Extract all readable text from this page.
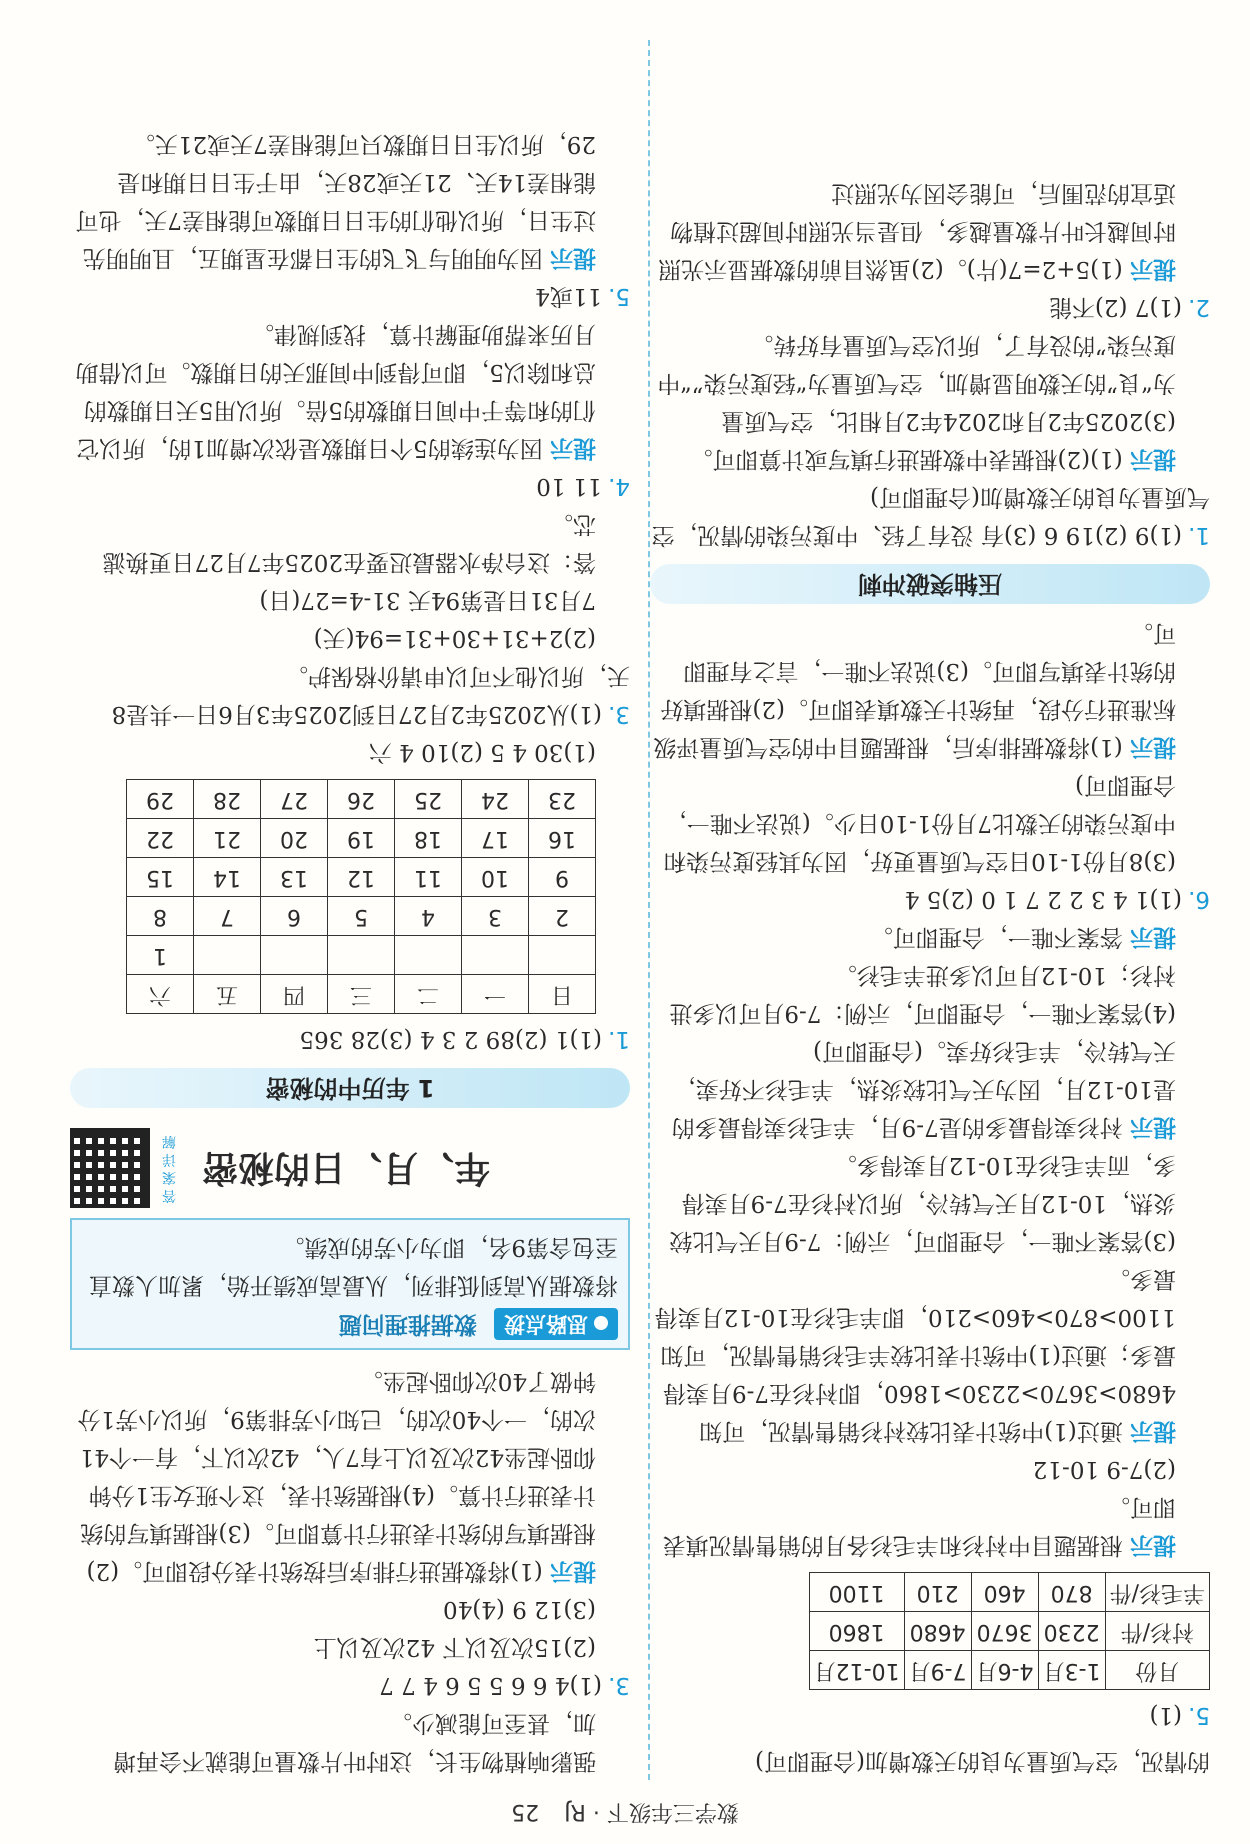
数学三年级下 · RJ 25

的情况，空气质量为良的天数增加(合理即可)

5.(1)

月份	1-3月	4-6月	7-9月	10-12月
衬衫/件	2230	3670	4680	1860
羊毛衫/件	870	460	210	1100

提示 根据题目中衬衫和羊毛衫各月的销售情况填表即可。

(2)7-9 10-12

提示 通过(1)中统计表比较衬衫销售情况，可知4680>3670>2230>1860，即衬衫在7-9月卖得最多；通过(1)中统计表比较羊毛衫销售情况，可知1100>870>460>210，即羊毛衫在10-12月卖得最多。

(3)答案不唯一，合理即可，示例：7-9月天气比较炎热，10-12月天气转冷，所以衬衫在7-9月卖得多，而羊毛衫在10-12月卖得多。

提示 衬衫卖得最多的是7-9月，羊毛衫卖得最多的是10-12月，因为天气比较炎热，羊毛衫不好卖，天气转冷，羊毛衫好卖。(合理即可)

(4)答案不唯一，合理即可，示例：7-9月可以多进衬衫；10-12月可以多进羊毛衫。

提示 答案不唯一，合理即可。

6.(1)1 4 3 2 2 7 1 0 (2)5 4

(3)8月份1-10日空气质量更好，因为其轻度污染和中度污染的天数比7月份1-10日少。(说法不唯一，合理即可)

提示 (1)将数据排序后，根据题目中的空气质量评级标准进行分段，再统计天数填表即可。(2)根据填好的统计表填写即可。(3)说法不唯一，言之有理即可。

压轴突破冲刺

1.(1)9 (2)19 6 (3)有 没有了轻、中度污染的情况，空气质量为良的天数增加(合理即可)

提示 (1)(2)根据表中数据进行填写或计算即可。(3)2025年2月和2024年2月相比，空气质量为“良”的天数明显增加，空气质量为“轻度污染”“中度污染”的没有了，所以空气质量有好转。

2.(1)7 (2)不能

提示 (1)5+2=7(片)。(2)虽然目前的数据显示光照时间越长叶片数量越多，但是当光照时间超过植物适宜的范围后，可能会因为光照过

强影响植物生长，这时叶片数量可能就不会再增加，甚至可能减少。

3.(1)4 6 6 5 5 6 4 7 7

(2)15次及以下 42次及以上

(3)12 9 (4)40

提示 (1)将数据进行排序后按统计表分段即可。(2)根据填写的统计表进行计算即可。(3)根据填写的统计表进行计算。(4)根据统计表，这个班女生1分钟仰卧起坐42次及以上有7人，42次以下，有一个41次的，一个40次的，已知小芳排第9，所以小芳1分钟做了40次仰卧起坐。

思路点拨 数据推理问题

将数据从高到低排列，从最高成绩开始，累加人数直至包含第9名，即为小芳的成绩。

年、月、日的秘密
答案详解
1 年历中的秘密

1.(1)1 (2)89 2 3 4 (3)28 365

日	一	二	三	四	五	六
						1
2	3	4	5	6	7	8
9	10	11	12	13	14	15
16	17	18	19	20	21	22
23	24	25	26	27	28	29

(1)30 4 5 (2)10 4 六

3.(1)从2025年2月27日到2025年3月6日一共是8天，所以他不可以申请价格保护。

(2)2+31+30+31=94(天)

7月31日是第94天 31-4=27(日)

答：这台净水器最迟要在2025年7月27日更换滤芯。

4.11 10

提示 因为连续的5个日期数是依次增加1的，所以它们的和等于中间日期数的5倍。所以用5天日期数的总和除以5，即可得到中间那天的日期数。可以借助月历来帮助理解计算，找到规律。

5.11或4

提示 因为明明与飞飞的生日都在星期五，且明明先过生日，所以他们的生日日期数可能相差7天，也可能相差14天、21天或28天，由于生日日期和是29，所以生日日期数只可能相差7天或21天。
